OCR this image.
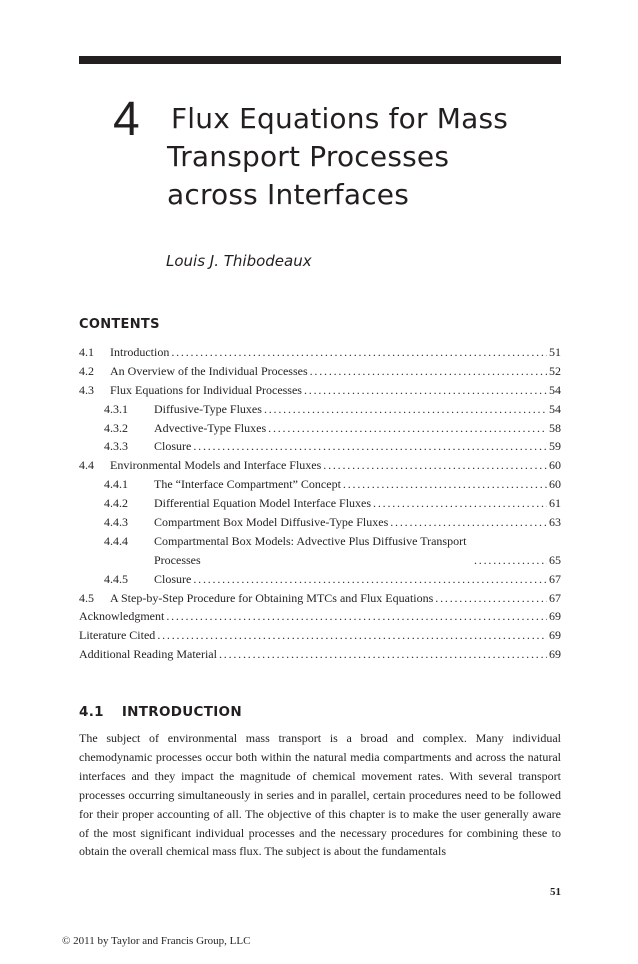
4 Flux Equations for Mass
Transport Processes
across Interfaces
Louis J. Thibodeaux
CONTENTS
4.1	Introduction . . .	51
4.2	An Overview of the Individual Processes . . .	52
4.3	Flux Equations for Individual Processes . . .	54
4.3.1	Diffusive-Type Fluxes . . .	54
4.3.2	Advective-Type Fluxes . . .	58
4.3.3	Closure . . .	59
4.4	Environmental Models and Interface Fluxes . . .	60
4.4.1	The “Interface Compartment” Concept . . .	60
4.4.2	Differential Equation Model Interface Fluxes . . .	61
4.4.3	Compartment Box Model Diffusive-Type Fluxes . . .	63
4.4.4	Compartmental Box Models: Advective Plus Diffusive Transport Processes . . .	65
4.4.5	Closure . . .	67
4.5	A Step-by-Step Procedure for Obtaining MTCs and Flux Equations . . .	67
Acknowledgment . . .	69
Literature Cited . . .	69
Additional Reading Material . . .	69
4.1 INTRODUCTION
The subject of environmental mass transport is a broad and complex. Many individual chemodynamic processes occur both within the natural media compartments and across the natural interfaces and they impact the magnitude of chemical movement rates. With several transport processes occurring simultaneously in series and in parallel, certain procedures need to be followed for their proper accounting of all. The objective of this chapter is to make the user generally aware of the most significant individual processes and the necessary procedures for combining these to obtain the overall chemical mass flux. The subject is about the fundamentals
51
© 2011 by Taylor and Francis Group, LLC
